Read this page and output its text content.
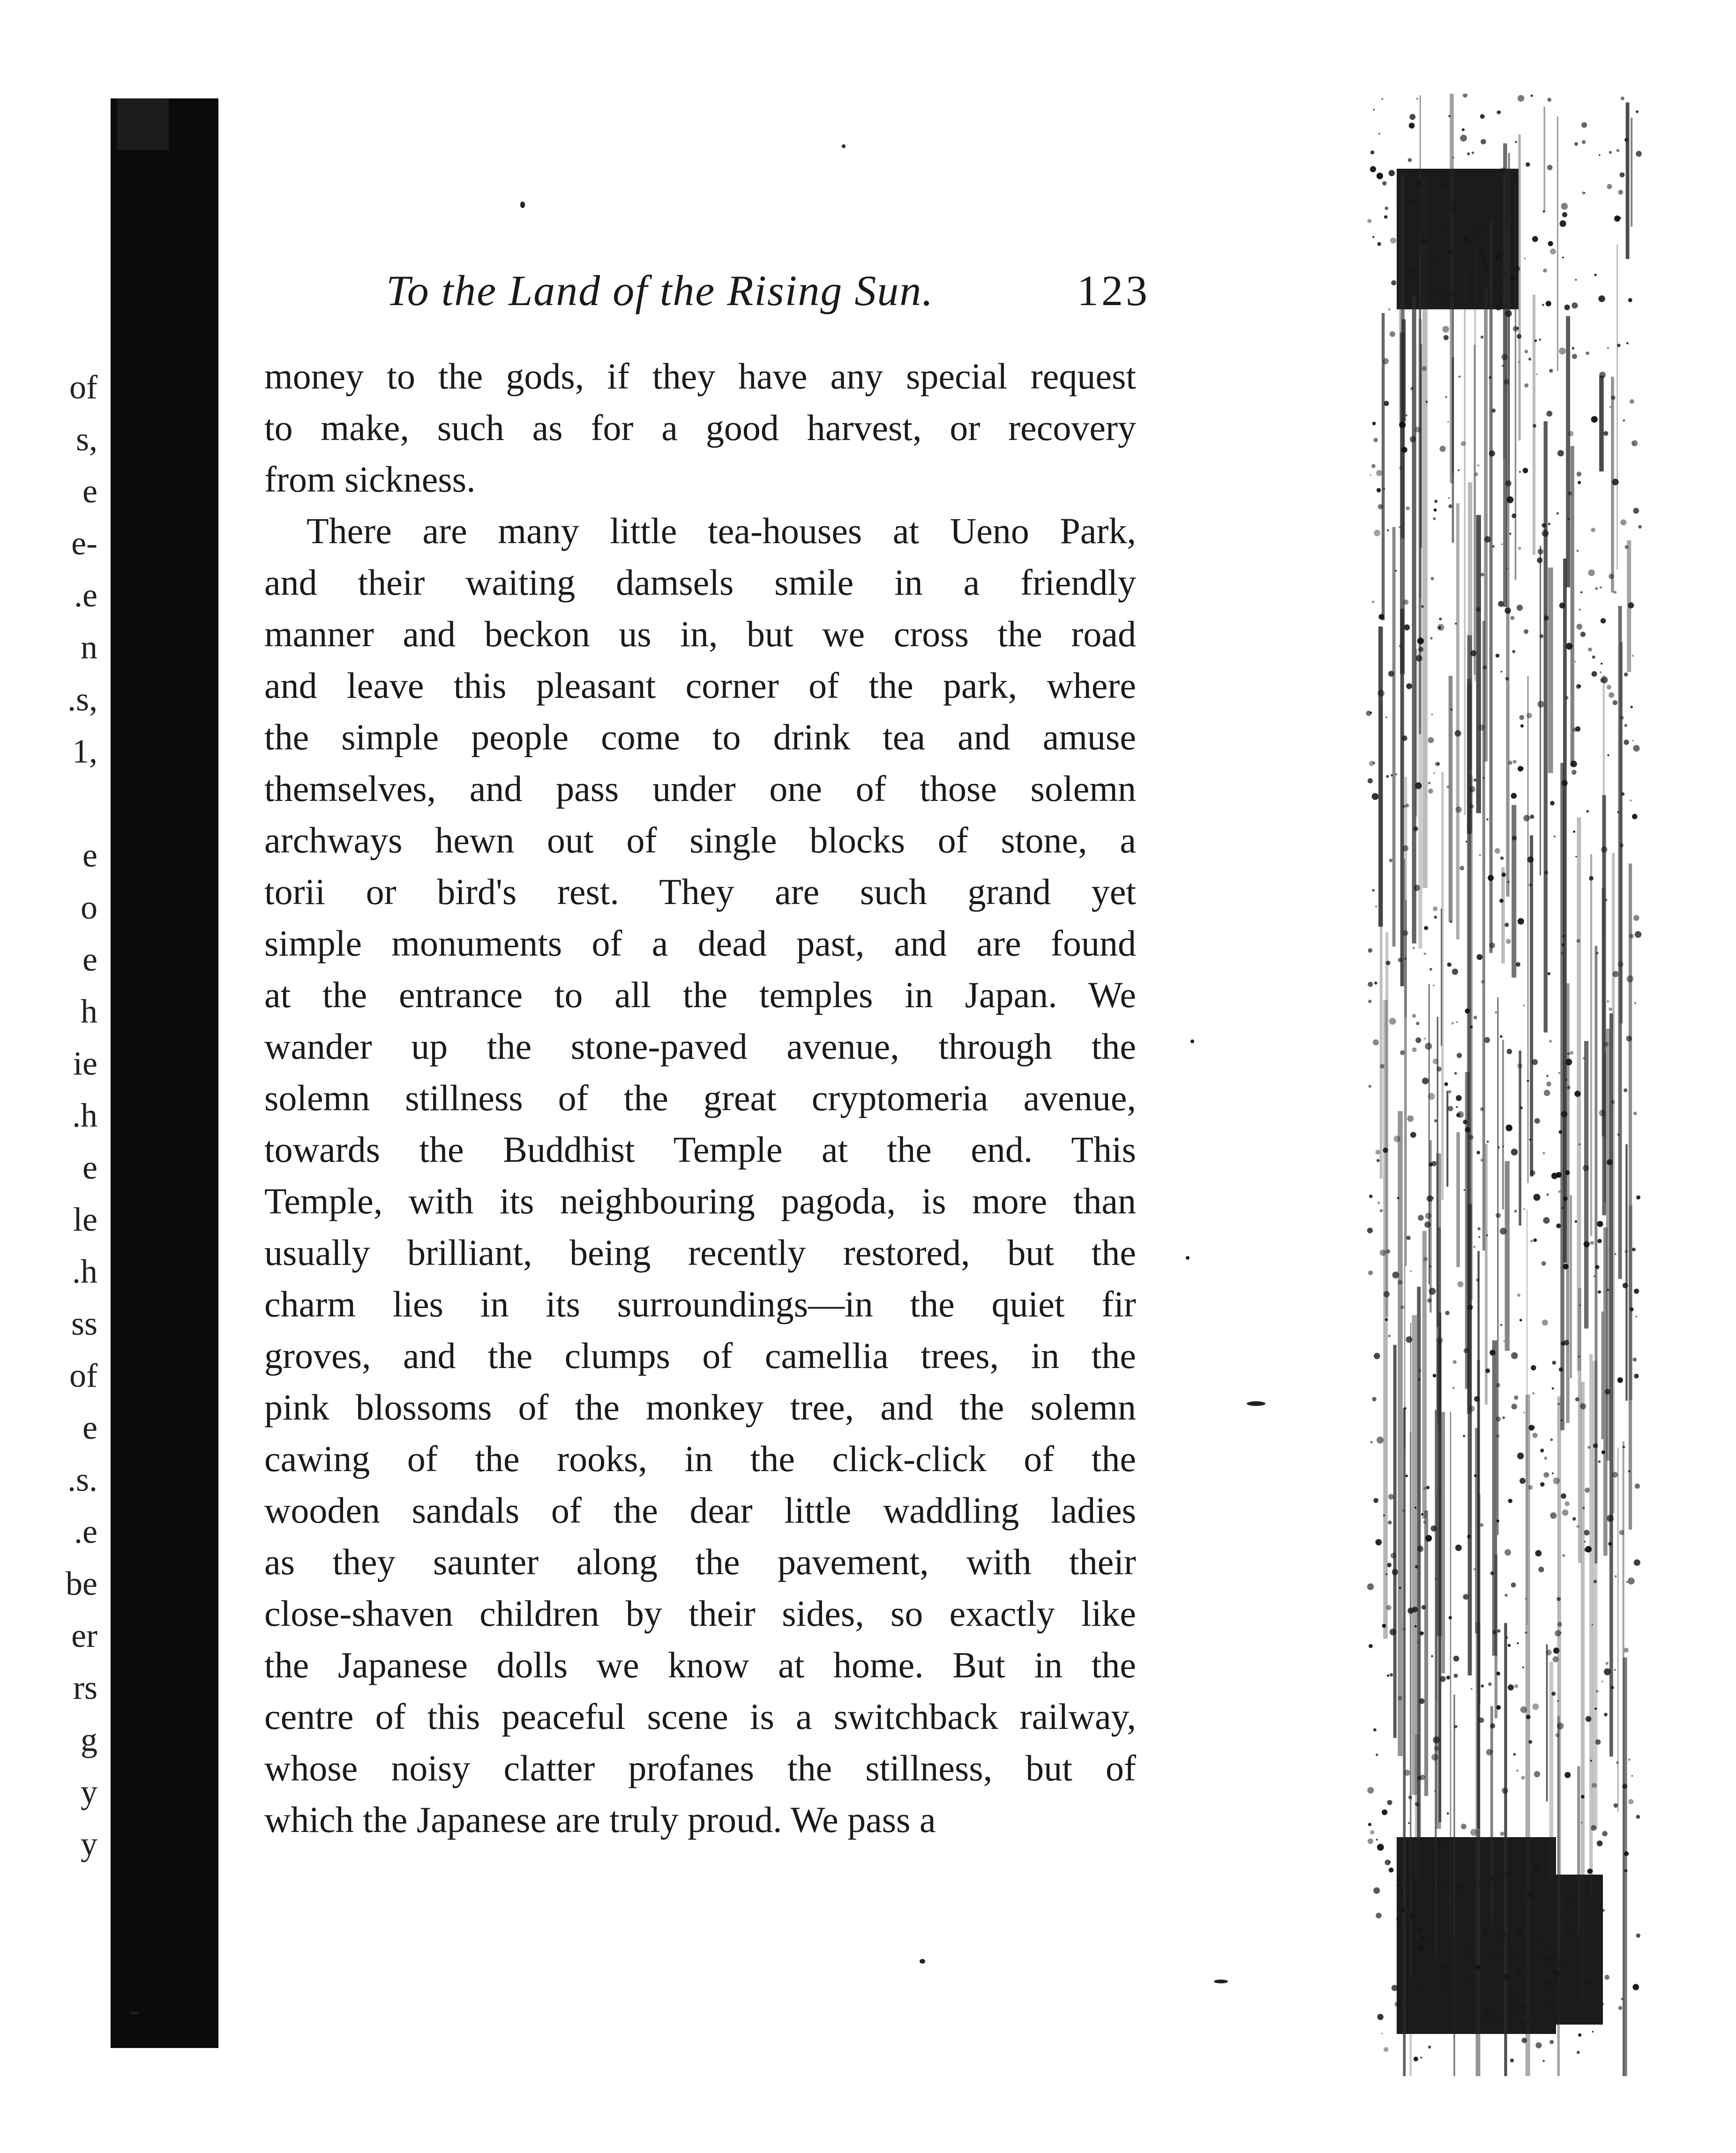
of
s,
e
e-
.e
n
.s,
1,
e
o
e
h
ie
.h
e
le
.h
ss
of
e
.s.
.e
be
er
rs
g
y
y
To the Land of the Rising Sun.	123
money to the gods, if they have any special request
to make, such as for a good harvest, or recovery
from sickness.
There are many little tea-houses at Ueno Park,
and their waiting damsels smile in a friendly
manner and beckon us in, but we cross the road
and leave this pleasant corner of the park, where
the simple people come to drink tea and amuse
themselves, and pass under one of those solemn
archways hewn out of single blocks of stone, a
torii or bird's rest. They are such grand yet
simple monuments of a dead past, and are found
at the entrance to all the temples in Japan. We
wander up the stone-paved avenue, through the
solemn stillness of the great cryptomeria avenue,
towards the Buddhist Temple at the end. This
Temple, with its neighbouring pagoda, is more than
usually brilliant, being recently restored, but the
charm lies in its surroundings—in the quiet fir
groves, and the clumps of camellia trees, in the
pink blossoms of the monkey tree, and the solemn
cawing of the rooks, in the click-click of the
wooden sandals of the dear little waddling ladies
as they saunter along the pavement, with their
close-shaven children by their sides, so exactly like
the Japanese dolls we know at home. But in the
centre of this peaceful scene is a switchback railway,
whose noisy clatter profanes the stillness, but of
which the Japanese are truly proud. We pass a
